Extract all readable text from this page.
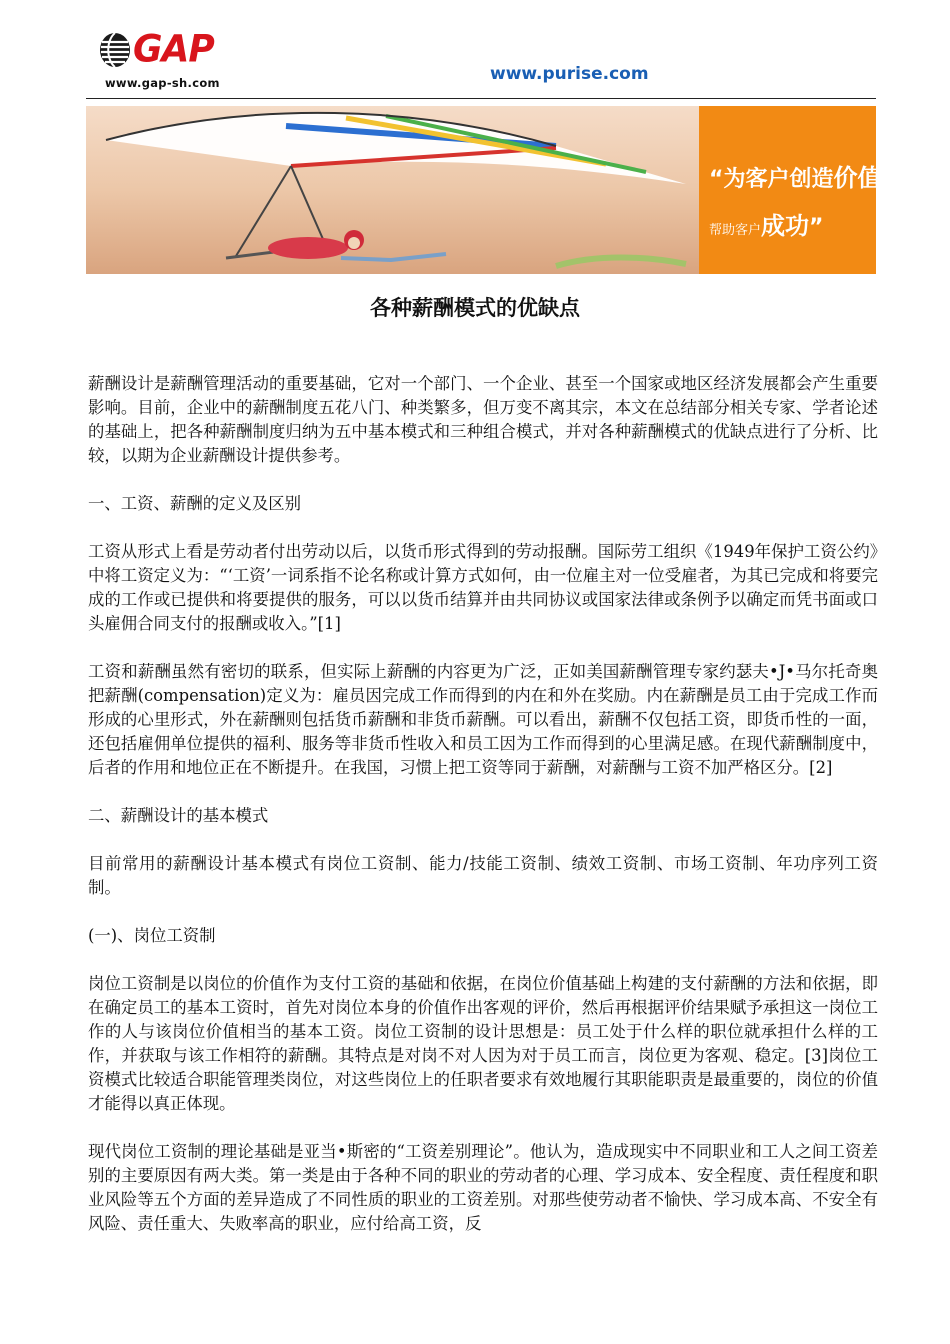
GAP
www.gap-sh.com	www.purise.com
“为客户创造价值，
帮助客户成功”
各种薪酬模式的优缺点

薪酬设计是薪酬管理活动的重要基础，它对一个部门、一个企业、甚至一个国家或地区经济发展都会产生重要影响。目前，企业中的薪酬制度五花八门、种类繁多，但万变不离其宗，本文在总结部分相关专家、学者论述的基础上，把各种薪酬制度归纳为五中基本模式和三种组合模式，并对各种薪酬模式的优缺点进行了分析、比较，以期为企业薪酬设计提供参考。

一、工资、薪酬的定义及区别

工资从形式上看是劳动者付出劳动以后，以货币形式得到的劳动报酬。国际劳工组织《1949年保护工资公约》中将工资定义为：“‘工资’一词系指不论名称或计算方式如何，由一位雇主对一位受雇者，为其已完成和将要完成的工作或已提供和将要提供的服务，可以以货币结算并由共同协议或国家法律或条例予以确定而凭书面或口头雇佣合同支付的报酬或收入。”[1]

工资和薪酬虽然有密切的联系，但实际上薪酬的内容更为广泛，正如美国薪酬管理专家约瑟夫•J•马尔托奇奥把薪酬(compensation)定义为：雇员因完成工作而得到的内在和外在奖励。内在薪酬是员工由于完成工作而形成的心里形式，外在薪酬则包括货币薪酬和非货币薪酬。可以看出，薪酬不仅包括工资，即货币性的一面，还包括雇佣单位提供的福利、服务等非货币性收入和员工因为工作而得到的心里满足感。在现代薪酬制度中，后者的作用和地位正在不断提升。在我国，习惯上把工资等同于薪酬，对薪酬与工资不加严格区分。[2]

二、薪酬设计的基本模式

目前常用的薪酬设计基本模式有岗位工资制、能力/技能工资制、绩效工资制、市场工资制、年功序列工资制。

(一)、岗位工资制

岗位工资制是以岗位的价值作为支付工资的基础和依据，在岗位价值基础上构建的支付薪酬的方法和依据，即在确定员工的基本工资时，首先对岗位本身的价值作出客观的评价，然后再根据评价结果赋予承担这一岗位工作的人与该岗位价值相当的基本工资。岗位工资制的设计思想是：员工处于什么样的职位就承担什么样的工作，并获取与该工作相符的薪酬。其特点是对岗不对人因为对于员工而言，岗位更为客观、稳定。[3]岗位工资模式比较适合职能管理类岗位，对这些岗位上的任职者要求有效地履行其职能职责是最重要的，岗位的价值才能得以真正体现。

现代岗位工资制的理论基础是亚当•斯密的“工资差别理论”。他认为，造成现实中不同职业和工人之间工资差别的主要原因有两大类。第一类是由于各种不同的职业的劳动者的心理、学习成本、安全程度、责任程度和职业风险等五个方面的差异造成了不同性质的职业的工资差别。对那些使劳动者不愉快、学习成本高、不安全有风险、责任重大、失败率高的职业，应付给高工资，反
